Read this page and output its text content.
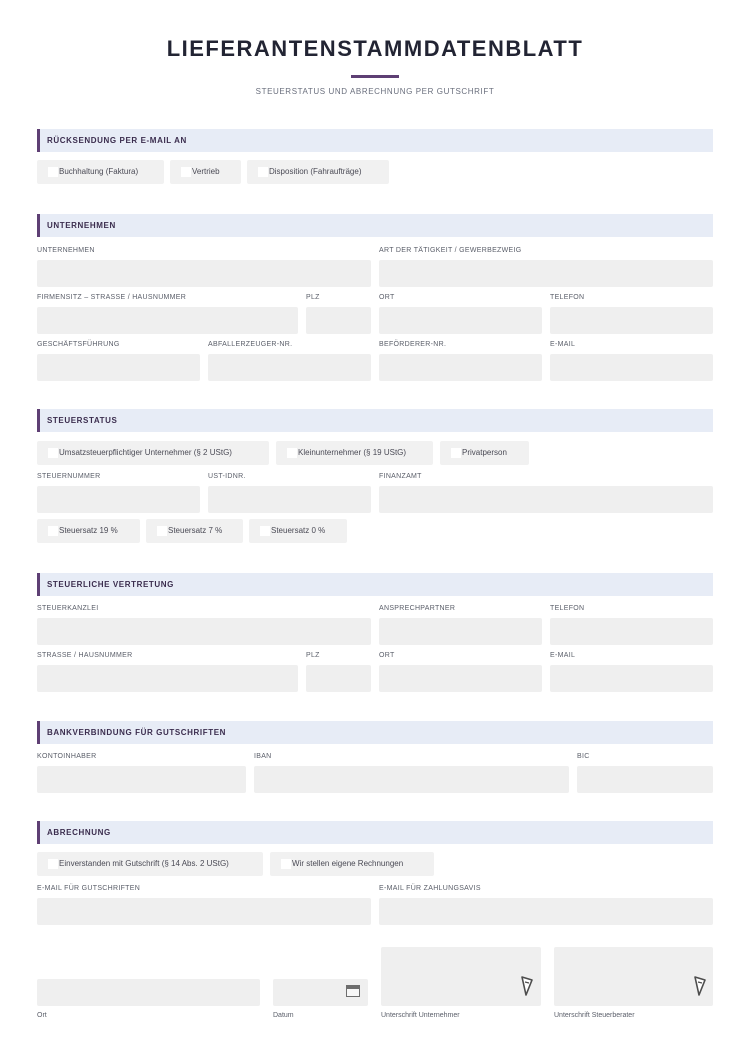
LIEFERANTENSTAMMDATENBLATT
STEUERSTATUS UND ABRECHNUNG PER GUTSCHRIFT
RÜCKSENDUNG PER E-MAIL AN
Buchhaltung (Faktura)	Vertrieb	Disposition (Fahraufträge)
UNTERNEHMEN
UNTERNEHMEN	ART DER TÄTIGKEIT / GEWERBEZWEIG
FIRMENSITZ – STRASSE / HAUSNUMMER	PLZ	ORT	TELEFON
GESCHÄFTSFÜHRUNG	ABFALLERZEUGER-NR.	BEFÖRDERER-NR.	E-MAIL
STEUERSTATUS
Umsatzsteuerpflichtiger Unternehmer (§ 2 UStG)	Kleinunternehmer (§ 19 UStG)	Privatperson
STEUERNUMMER	UST-IDNR.	FINANZAMT
Steuersatz 19 %	Steuersatz 7 %	Steuersatz 0 %
STEUERLICHE VERTRETUNG
STEUERKANZLEI	ANSPRECHPARTNER	TELEFON
STRASSE / HAUSNUMMER	PLZ	ORT	E-MAIL
BANKVERBINDUNG FÜR GUTSCHRIFTEN
KONTOINHABER	IBAN	BIC
ABRECHNUNG
Einverstanden mit Gutschrift (§ 14 Abs. 2 UStG)	Wir stellen eigene Rechnungen
E-MAIL FÜR GUTSCHRIFTEN	E-MAIL FÜR ZAHLUNGSAVIS
Ort	Datum	Unterschrift Unternehmer	Unterschrift Steuerberater
